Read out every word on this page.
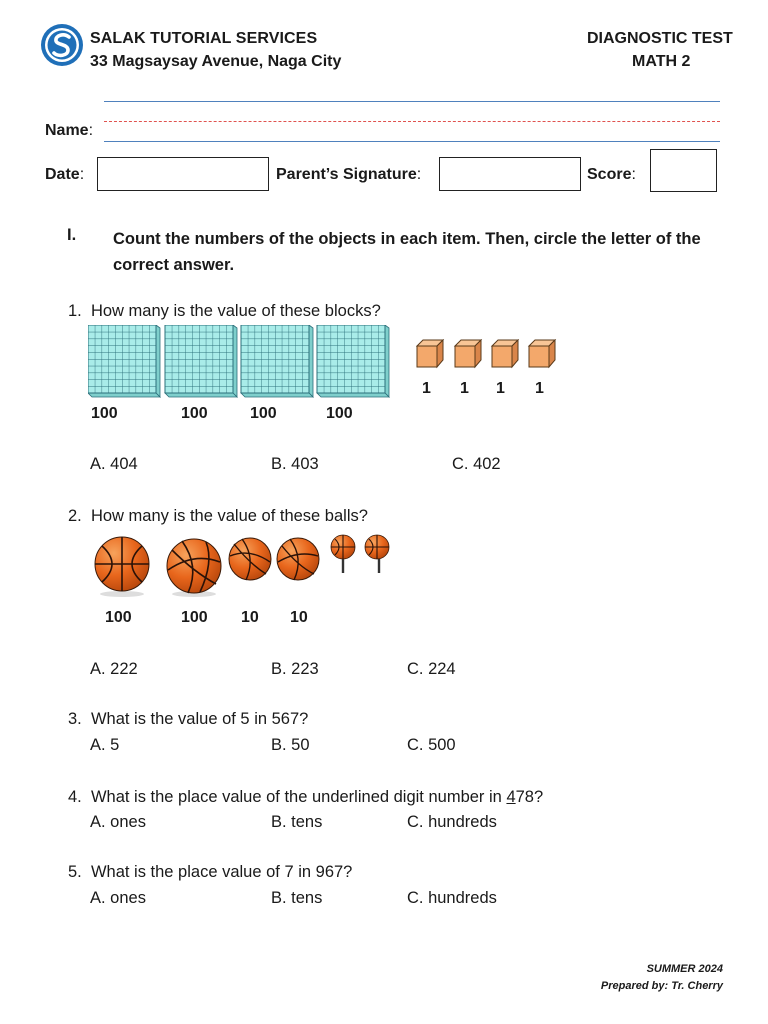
SALAK TUTORIAL SERVICES
33 Magsaysay Avenue, Naga City
DIAGNOSTIC TEST
MATH 2
Name:
Date:	Parent’s Signature:	Score:
I. Count the numbers of the objects in each item. Then, circle the letter of the correct answer.
1. How many is the value of these blocks?
1 1 1 1
100	100	100	100
A. 404	B. 403	C. 402
2. How many is the value of these balls?
100	100 10 10
A. 222	B. 223	C. 224
3. What is the value of 5 in 567?
A. 5	B. 50	C. 500
4. What is the place value of the underlined digit number in 478?
A. ones	B. tens	C. hundreds
5. What is the place value of 7 in 967?
A. ones	B. tens	C. hundreds
SUMMER 2024
Prepared by: Tr. Cherry
